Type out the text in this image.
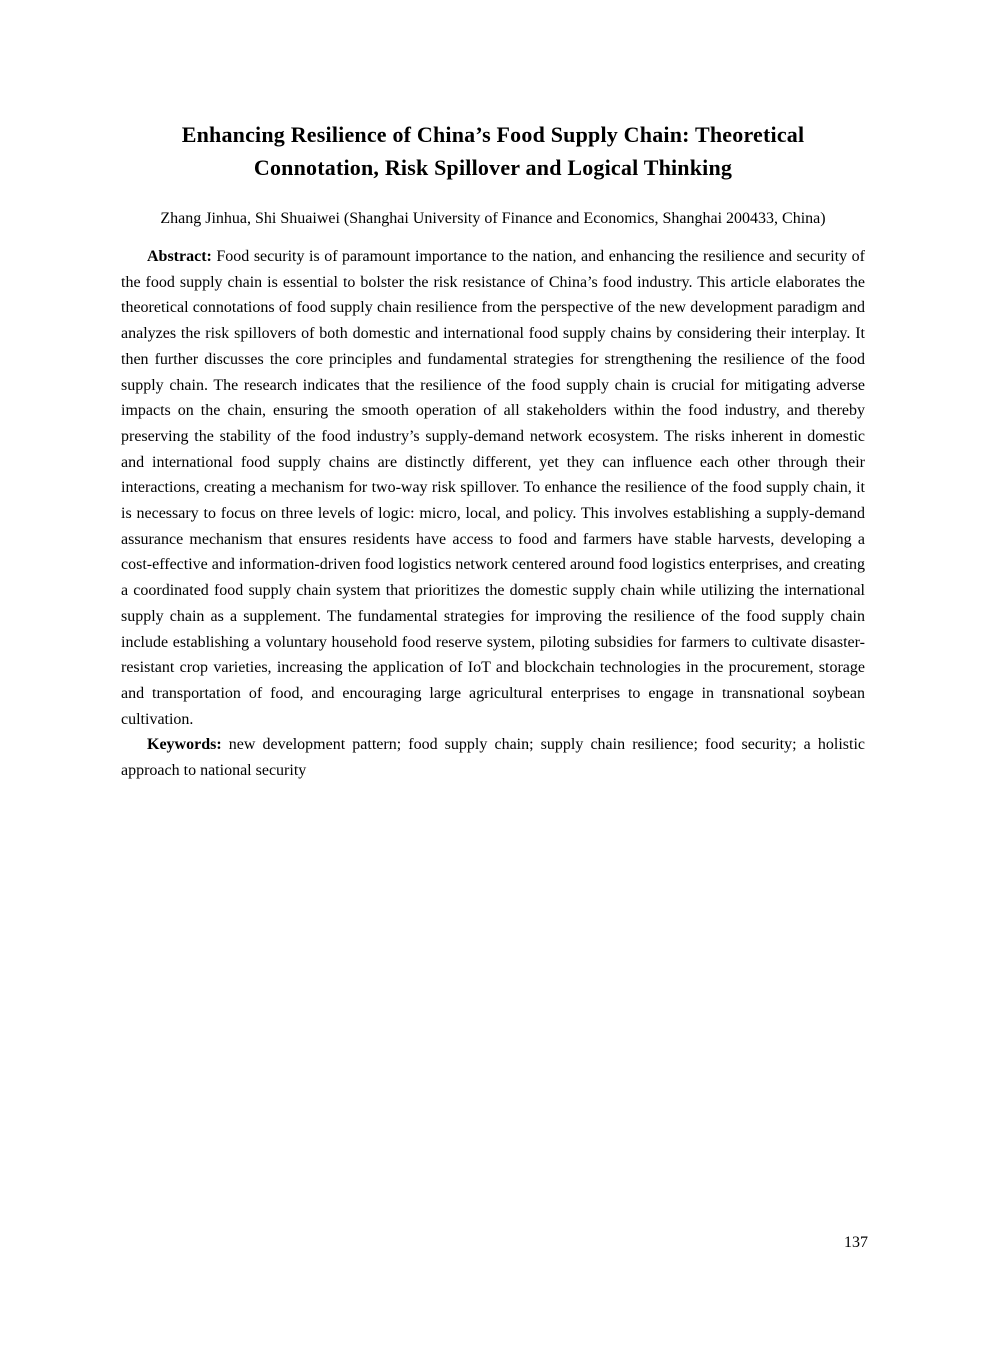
Enhancing Resilience of China’s Food Supply Chain: Theoretical
Connotation, Risk Spillover and Logical Thinking

Zhang Jinhua, Shi Shuaiwei (Shanghai University of Finance and Economics, Shanghai 200433, China)

Abstract: Food security is of paramount importance to the nation, and enhancing the resilience and security of the food supply chain is essential to bolster the risk resistance of China’s food industry. This article elaborates the theoretical connotations of food supply chain resilience from the perspective of the new development paradigm and analyzes the risk spillovers of both domestic and international food supply chains by considering their interplay. It then further discusses the core principles and fundamental strategies for strengthening the resilience of the food supply chain. The research indicates that the resilience of the food supply chain is crucial for mitigating adverse impacts on the chain, ensuring the smooth operation of all stakeholders within the food industry, and thereby preserving the stability of the food industry’s supply-demand network ecosystem. The risks inherent in domestic and international food supply chains are distinctly different, yet they can influence each other through their interactions, creating a mechanism for two-way risk spillover. To enhance the resilience of the food supply chain, it is necessary to focus on three levels of logic: micro, local, and policy. This involves establishing a supply-demand assurance mechanism that ensures residents have access to food and farmers have stable harvests, developing a cost-effective and information-driven food logistics network centered around food logistics enterprises, and creating a coordinated food supply chain system that prioritizes the domestic supply chain while utilizing the international supply chain as a supplement. The fundamental strategies for improving the resilience of the food supply chain include establishing a voluntary household food reserve system, piloting subsidies for farmers to cultivate disaster-resistant crop varieties, increasing the application of IoT and blockchain technologies in the procurement, storage and transportation of food, and encouraging large agricultural enterprises to engage in transnational soybean cultivation.

Keywords: new development pattern; food supply chain; supply chain resilience; food security; a holistic approach to national security

137
